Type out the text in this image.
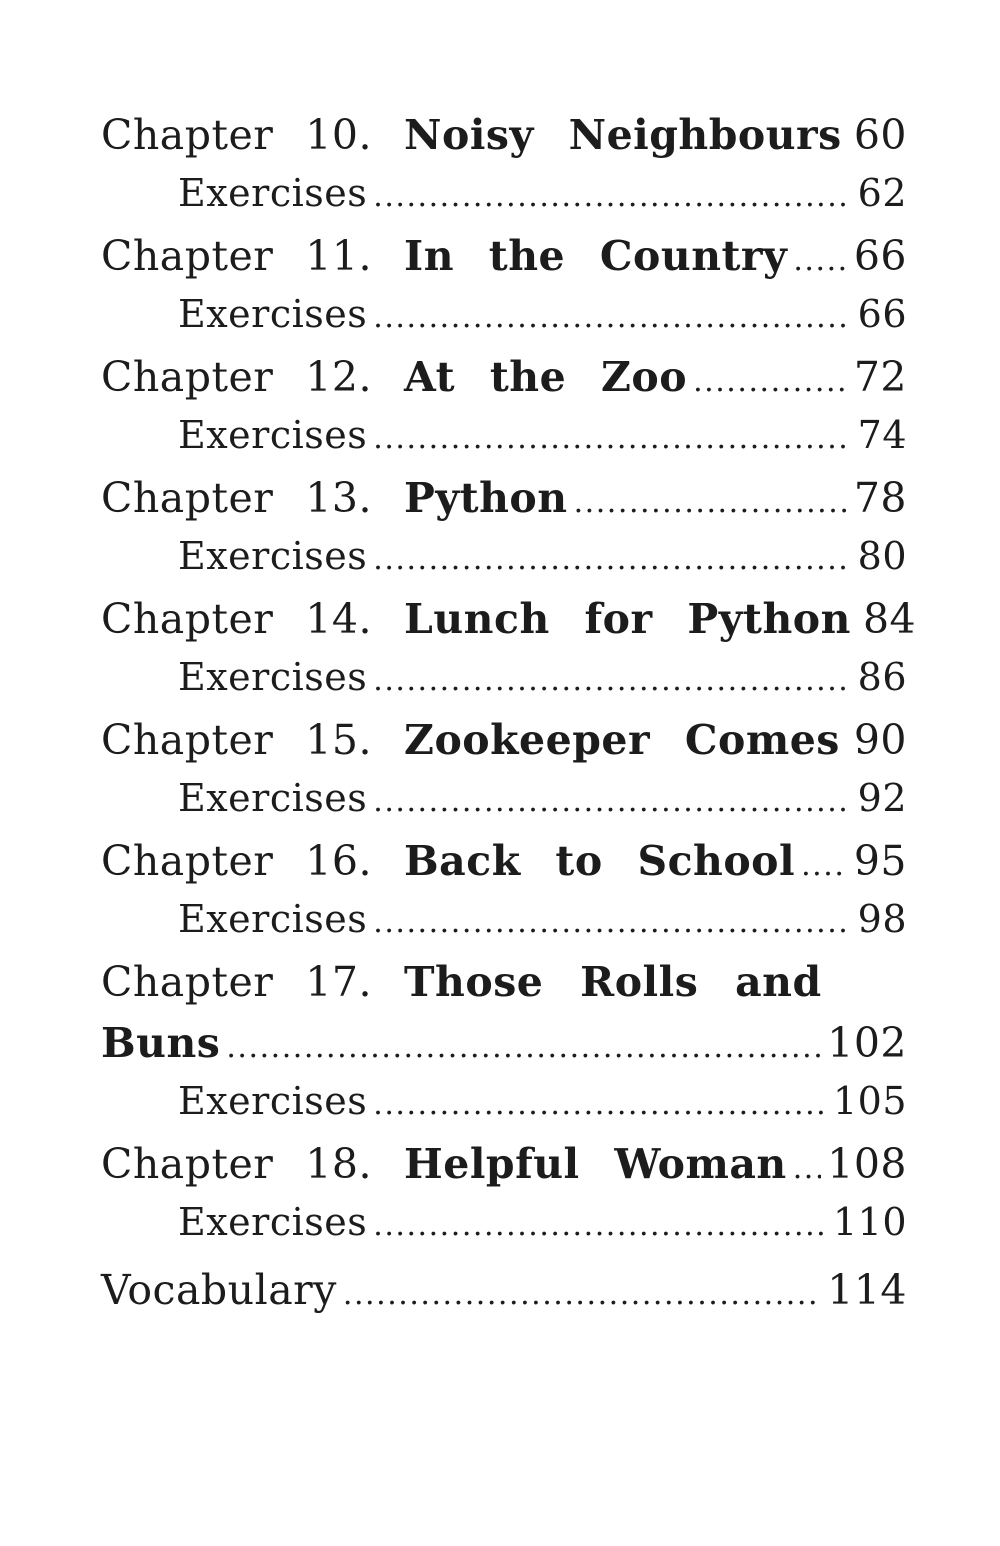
Chapter 10. Noisy Neighbours . . . 60
Exercises . . .	62
Chapter 11. In the Country . . . 66
Exercises . . .	66
Chapter 12. At the Zoo . . .	72
Exercises . . .	74
Chapter 13. Python . . .	78
Exercises . . .	80
Chapter 14. Lunch for Python 84
Exercises . . .	86
Chapter 15. Zookeeper Comes . . . 90
Exercises . . .	92
Chapter 16. Back to School . . . 95
Exercises . . .	98
Chapter 17. Those Rolls and
Buns . . .	102
Exercises . . .	105
Chapter 18. Helpful Woman . . . 108
Exercises . . .	110
Vocabulary . . .	114
